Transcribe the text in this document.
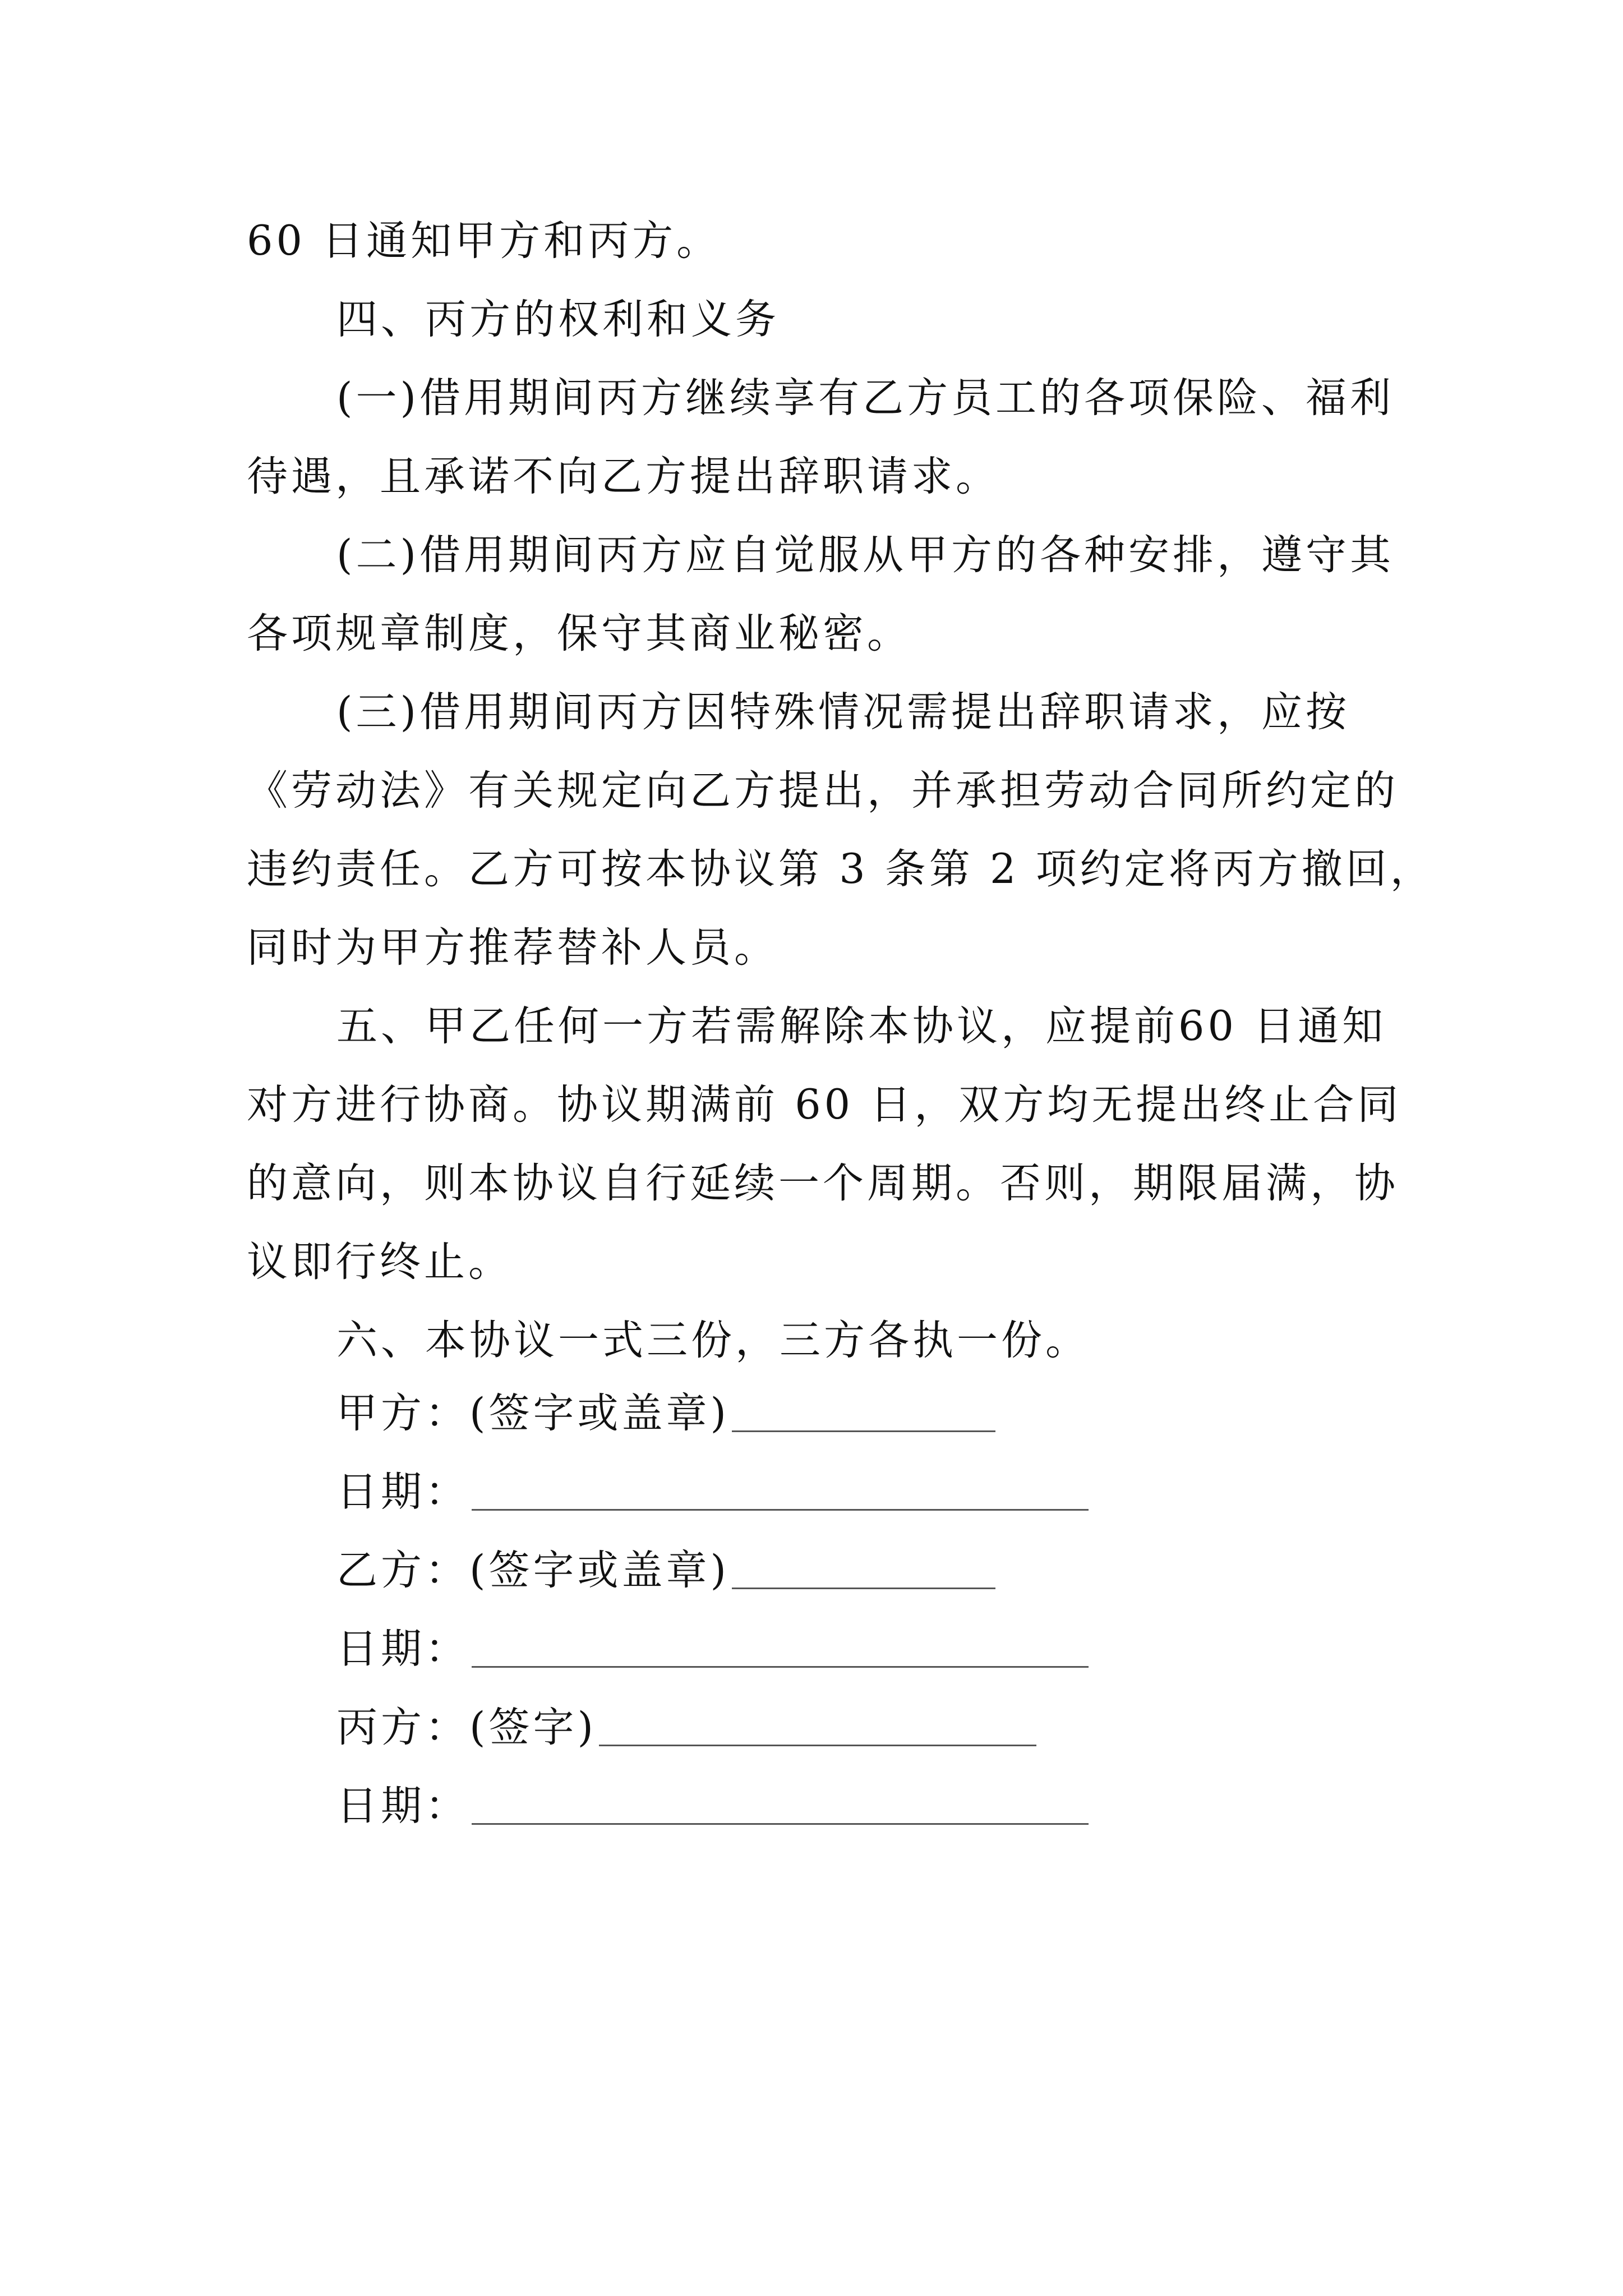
60 日通知甲方和丙方。
四、丙方的权利和义务
(一)借用期间丙方继续享有乙方员工的各项保险、福利
待遇，且承诺不向乙方提出辞职请求。
(二)借用期间丙方应自觉服从甲方的各种安排，遵守其
各项规章制度，保守其商业秘密。
(三)借用期间丙方因特殊情况需提出辞职请求，应按
《劳动法》有关规定向乙方提出，并承担劳动合同所约定的
违约责任。乙方可按本协议第 3 条第 2 项约定将丙方撤回，
同时为甲方推荐替补人员。
五、甲乙任何一方若需解除本协议，应提前60 日通知
对方进行协商。协议期满前 60 日，双方均无提出终止合同
的意向，则本协议自行延续一个周期。否则，期限届满，协
议即行终止。
六、本协议一式三份，三方各执一份。
甲方：(签字或盖章)
日期：
乙方：(签字或盖章)
日期：
丙方：(签字)
日期：
